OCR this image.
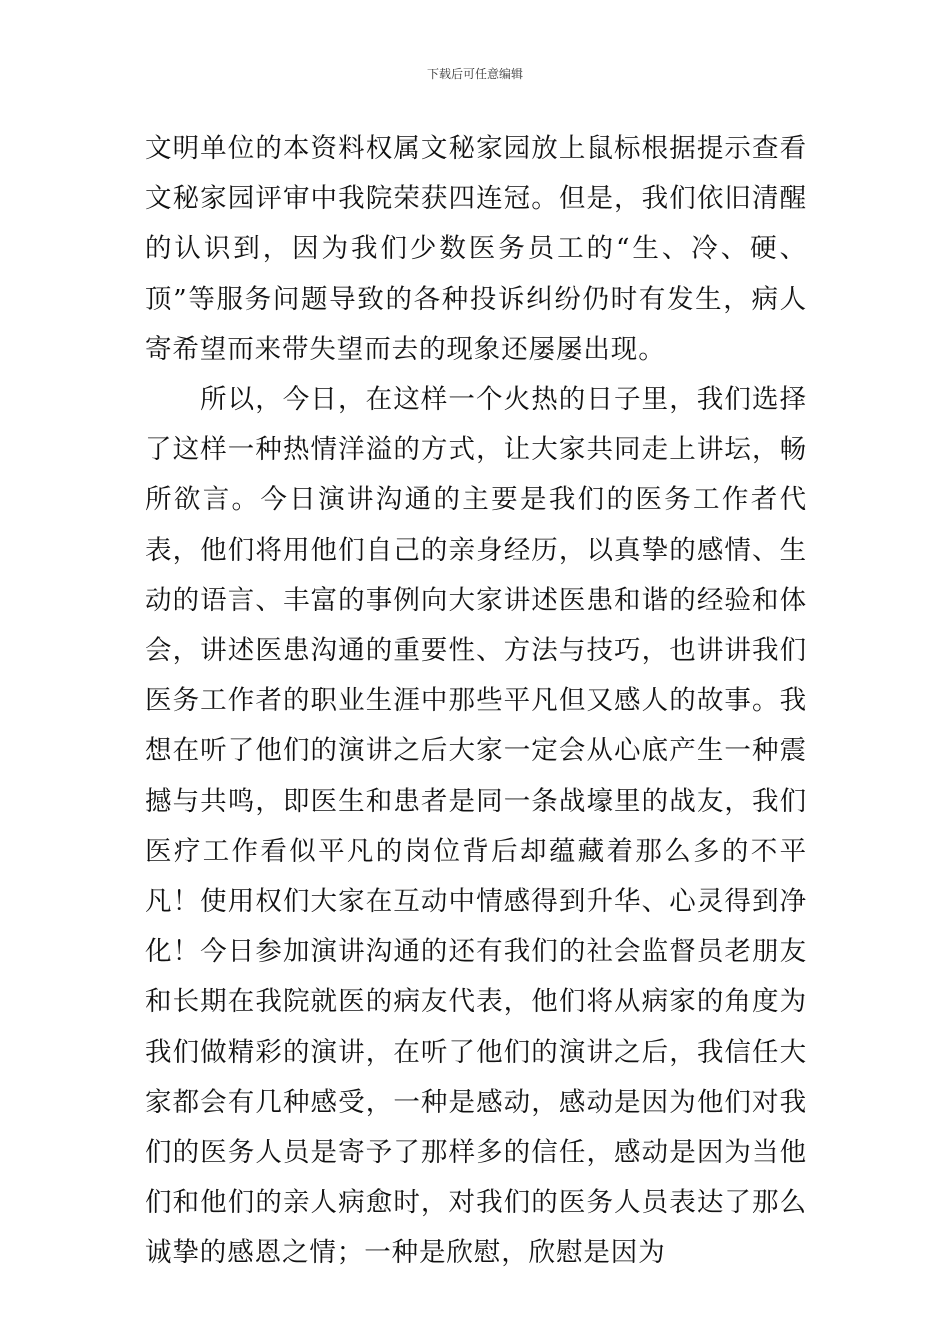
下载后可任意编辑

文明单位的本资料权属文秘家园放上鼠标根据提示查看文秘家园评审中我院荣获四连冠。但是，我们依旧清醒的认识到，因为我们少数医务员工的“生、冷、硬、顶”等服务问题导致的各种投诉纠纷仍时有发生，病人寄希望而来带失望而去的现象还屡屡出现。

所以，今日，在这样一个火热的日子里，我们选择了这样一种热情洋溢的方式，让大家共同走上讲坛，畅所欲言。今日演讲沟通的主要是我们的医务工作者代表，他们将用他们自己的亲身经历，以真挚的感情、生动的语言、丰富的事例向大家讲述医患和谐的经验和体会，讲述医患沟通的重要性、方法与技巧，也讲讲我们医务工作者的职业生涯中那些平凡但又感人的故事。我想在听了他们的演讲之后大家一定会从心底产生一种震撼与共鸣，即医生和患者是同一条战壕里的战友，我们医疗工作看似平凡的岗位背后却蕴藏着那么多的不平凡！使用权们大家在互动中情感得到升华、心灵得到净化！今日参加演讲沟通的还有我们的社会监督员老朋友和长期在我院就医的病友代表，他们将从病家的角度为我们做精彩的演讲，在听了他们的演讲之后，我信任大家都会有几种感受，一种是感动，感动是因为他们对我们的医务人员是寄予了那样多的信任，感动是因为当他们和他们的亲人病愈时，对我们的医务人员表达了那么诚挚的感恩之情；一种是欣慰，欣慰是因为
